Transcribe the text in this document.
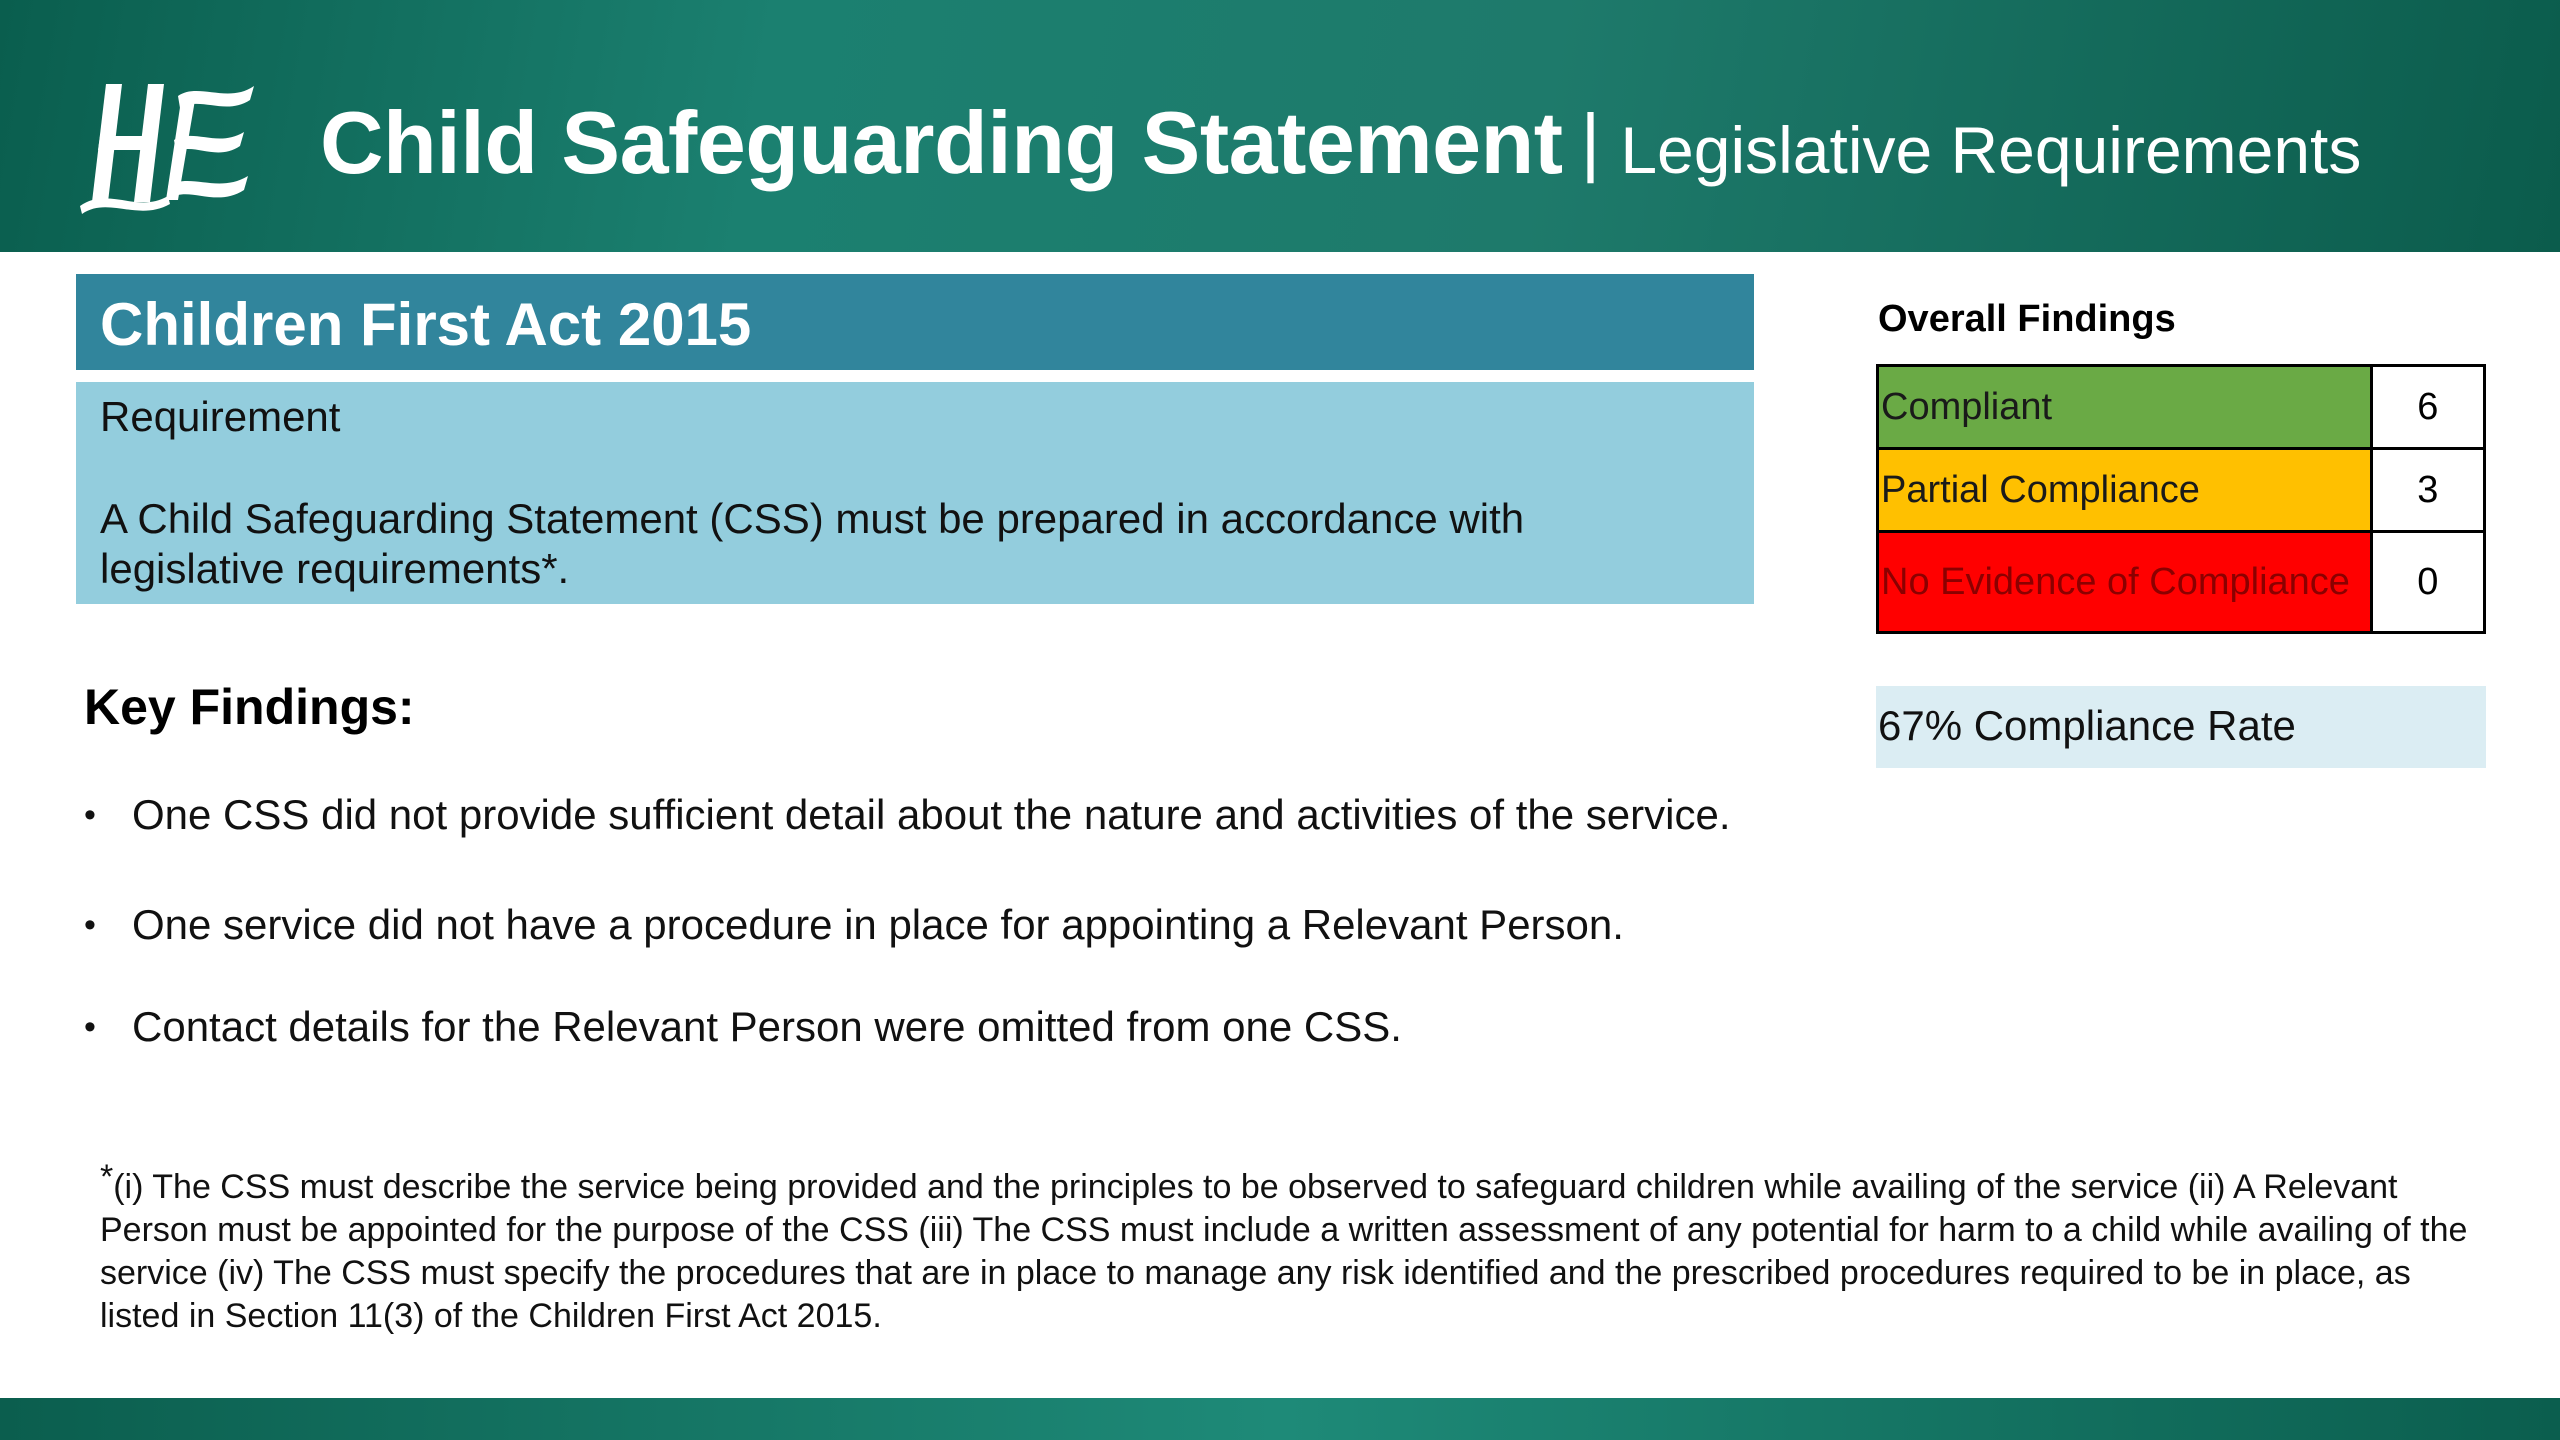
Child Safeguarding Statement | Legislative Requirements
Children First Act 2015
Requirement
A Child Safeguarding Statement (CSS) must be prepared in accordance with legislative requirements*.
Key Findings:
• One CSS did not provide sufficient detail about the nature and activities of the service.
• One service did not have a procedure in place for appointing a Relevant Person.
• Contact details for the Relevant Person were omitted from one CSS.
*(i) The CSS must describe the service being provided and the principles to be observed to safeguard children while availing of the service (ii) A Relevant Person must be appointed for the purpose of the CSS (iii) The CSS must include a written assessment of any potential for harm to a child while availing of the service (iv) The CSS must specify the procedures that are in place to manage any risk identified and the prescribed procedures required to be in place, as listed in Section 11(3) of the Children First Act 2015.
Overall Findings
Compliant	6
Partial Compliance	3
No Evidence of Compliance	0
67% Compliance Rate
